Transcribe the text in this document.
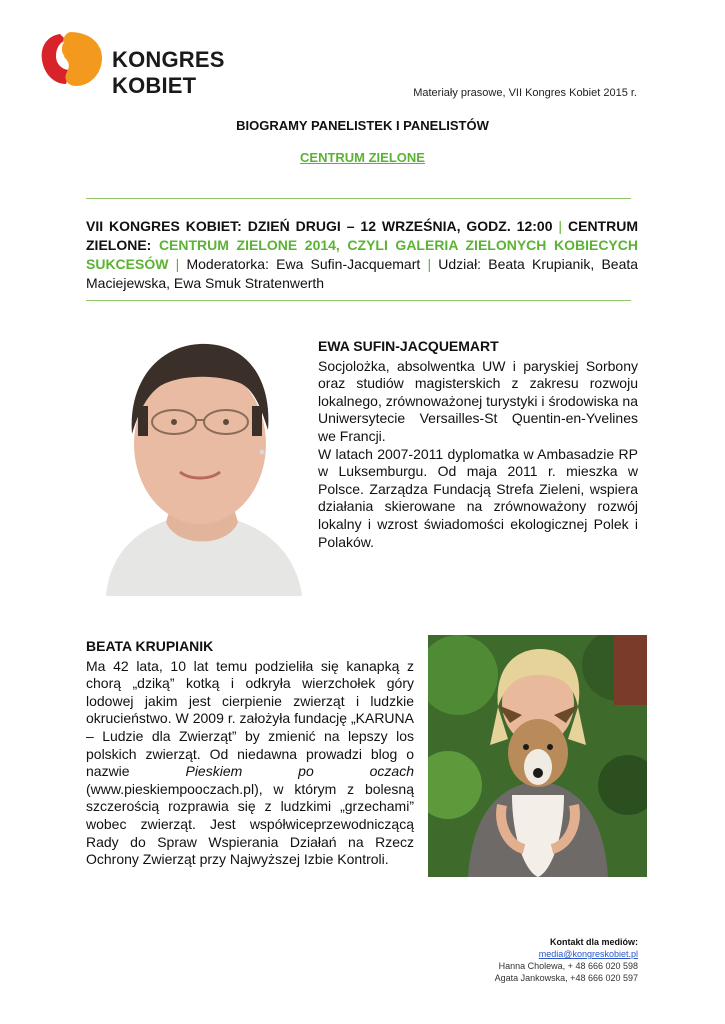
KONGRES KOBIET	Materiały prasowe, VII Kongres Kobiet 2015 r.
BIOGRAMY PANELISTEK I PANELISTÓW
CENTRUM ZIELONE
VII KONGRES KOBIET: DZIEŃ DRUGI – 12 WRZEŚNIA, GODZ. 12:00 | CENTRUM ZIELONE: CENTRUM ZIELONE 2014, CZYLI GALERIA ZIELONYCH KOBIECYCH SUKCESÓW | Moderatorka: Ewa Sufin-Jacquemart | Udział: Beata Krupianik, Beata Maciejewska, Ewa Smuk Stratenwerth
EWA SUFIN-JACQUEMART

Socjolożka, absolwentka UW i paryskiej Sorbony oraz studiów magisterskich z zakresu rozwoju lokalnego, zrównoważonej turystyki i środowiska na Uniwersytecie Versailles-St Quentin-en-Yvelines we Francji.

W latach 2007-2011 dyplomatka w Ambasadzie RP w Luksemburgu. Od maja 2011 r. mieszka w Polsce. Zarządza Fundacją Strefa Zieleni, wspiera działania skierowane na zrównoważony rozwój lokalny i wzrost świadomości ekologicznej Polek i Polaków.

BEATA KRUPIANIK

Ma 42 lata, 10 lat temu podzieliła się kanapką z chorą „dziką” kotką i odkryła wierzchołek góry lodowej jakim jest cierpienie zwierząt i ludzkie okrucieństwo. W 2009 r. założyła fundację „KARUNA – Ludzie dla Zwierząt” by zmienić na lepszy los polskich zwierząt. Od niedawna prowadzi blog o nazwie	Pieskiem po oczach (www.pieskiempooczach.pl), w którym z bolesną szczerością rozprawia się z ludzkimi „grzechami” wobec zwierząt. Jest współwiceprzewodniczącą Rady do Spraw Wspierania Działań na Rzecz Ochrony Zwierząt przy Najwyższej Izbie Kontroli.

Kontakt dla mediów:
media@kongreskobiet.pl
Hanna Cholewa, + 48 666 020 598
Agata Jankowska, +48 666 020 597
